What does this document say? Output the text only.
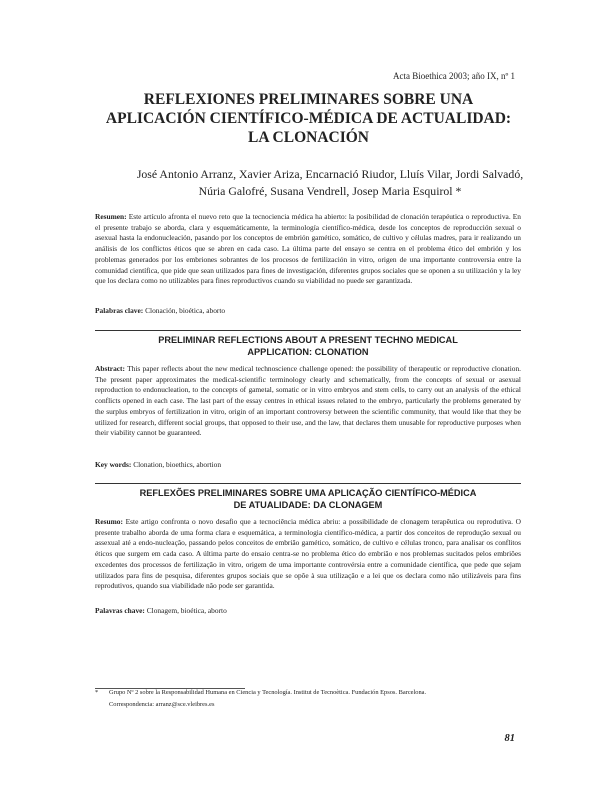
Acta Bioethica 2003; año IX, nº 1
REFLEXIONES PRELIMINARES SOBRE UNA
APLICACIÓN CIENTÍFICO-MÉDICA DE ACTUALIDAD:
LA CLONACIÓN
José Antonio Arranz, Xavier Ariza, Encarnació Riudor, Lluís Vilar, Jordi Salvadó, Núria Galofré, Susana Vendrell, Josep Maria Esquirol *
Resumen: Este artículo afronta el nuevo reto que la tecnociencia médica ha abierto: la posibilidad de clonación terapéutica o reproductiva. En el presente trabajo se aborda, clara y esquemáticamente, la terminología científico-médica, desde los conceptos de reproducción sexual o asexual hasta la endonucleación, pasando por los conceptos de embrión gamético, somático, de cultivo y células madres, para ir realizando un análisis de los conflictos éticos que se abren en cada caso. La última parte del ensayo se centra en el problema ético del embrión y los problemas generados por los embriones sobrantes de los procesos de fertilización in vitro, origen de una importante controversia entre la comunidad científica, que pide que sean utilizados para fines de investigación, diferentes grupos sociales que se oponen a su utilización y la ley que los declara como no utilizables para fines reproductivos cuando su viabilidad no puede ser garantizada.
Palabras clave: Clonación, bioética, aborto
PRELIMINAR REFLECTIONS ABOUT A PRESENT TECHNO MEDICAL
APPLICATION: CLONATION
Abstract: This paper reflects about the new medical technoscience challenge opened: the possibility of therapeutic or reproductive clonation. The present paper approximates the medical-scientific terminology clearly and schematically, from the concepts of sexual or asexual reproduction to endonucleation, to the concepts of gametal, somatic or in vitro embryos and stem cells, to carry out an analysis of the ethical conflicts opened in each case. The last part of the essay centres in ethical issues related to the embryo, particularly the problems generated by the surplus embryos of fertilization in vitro, origin of an important controversy between the scientific community, that would like that they be utilized for research, different social groups, that opposed to their use, and the law, that declares them unusable for reproductive purposes when their viability cannot be guaranteed.
Key words: Clonation, bioethics, abortion
REFLEXÕES PRELIMINARES SOBRE UMA APLICAÇÃO CIENTÍFICO-MÉDICA
DE ATUALIDADE: DA CLONAGEM
Resumo: Este artigo confronta o novo desafio que a tecnociência médica abriu: a possibilidade de clonagem terapêutica ou reprodutiva. O presente trabalho aborda de uma forma clara e esquemática, a terminologia científico-médica, a partir dos conceitos de reprodução sexual ou assexual até a endo-nucleação, passando pelos conceitos de embrião gamético, somático, de cultivo e células tronco, para analisar os conflitos éticos que surgem em cada caso. A última parte do ensaio centra-se no problema ético do embrião e nos problemas sucitados pelos embriões excedentes dos processos de fertilização in vitro, origem de uma importante controvérsia entre a comunidade científica, que pede que sejam utilizados para fins de pesquisa, diferentes grupos sociais que se opõe à sua utilização e a lei que os declara como não utilizáveis para fins reprodutivos, quando sua viabilidade não pode ser garantida.
Palavras chave: Clonagem, bioética, aborto
*	Grupo Nº 2 sobre la Responsabilidad Humana en Ciencia y Tecnología. Institut de Tecnoètica. Fundación Epsos. Barcelona.
Correspondencia: arranz@sce.vleibres.es
81
